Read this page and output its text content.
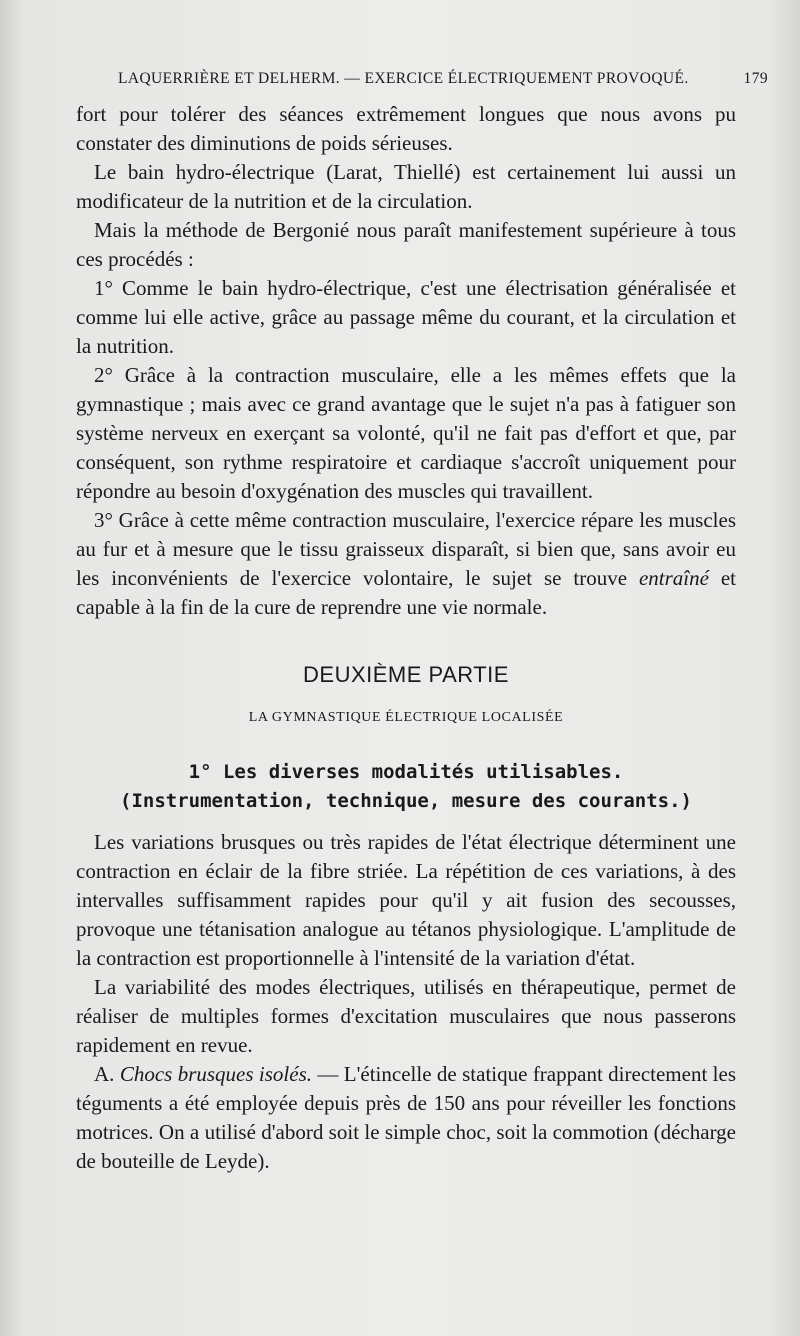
LAQUERRIÈRE ET DELHERM. — EXERCICE ÉLECTRIQUEMENT PROVOQUÉ.	179

fort pour tolérer des séances extrêmement longues que nous avons pu constater des diminutions de poids sérieuses.

Le bain hydro-électrique (Larat, Thiellé) est certainement lui aussi un modificateur de la nutrition et de la circulation.

Mais la méthode de Bergonié nous paraît manifestement supérieure à tous ces procédés :

1° Comme le bain hydro-électrique, c'est une électrisation généralisée et comme lui elle active, grâce au passage même du courant, et la circulation et la nutrition.

2° Grâce à la contraction musculaire, elle a les mêmes effets que la gymnastique ; mais avec ce grand avantage que le sujet n'a pas à fatiguer son système nerveux en exerçant sa volonté, qu'il ne fait pas d'effort et que, par conséquent, son rythme respiratoire et cardiaque s'accroît uniquement pour répondre au besoin d'oxygénation des muscles qui travaillent.

3° Grâce à cette même contraction musculaire, l'exercice répare les muscles au fur et à mesure que le tissu graisseux disparaît, si bien que, sans avoir eu les inconvénients de l'exercice volontaire, le sujet se trouve entraîné et capable à la fin de la cure de reprendre une vie normale.

DEUXIÈME PARTIE
LA GYMNASTIQUE ÉLECTRIQUE LOCALISÉE
1° Les diverses modalités utilisables.
(Instrumentation, technique, mesure des courants.)

Les variations brusques ou très rapides de l'état électrique déterminent une contraction en éclair de la fibre striée. La répétition de ces variations, à des intervalles suffisamment rapides pour qu'il y ait fusion des secousses, provoque une tétanisation analogue au tétanos physiologique. L'amplitude de la contraction est proportionnelle à l'intensité de la variation d'état.

La variabilité des modes électriques, utilisés en thérapeutique, permet de réaliser de multiples formes d'excitation musculaires que nous passerons rapidement en revue.

A. Chocs brusques isolés. — L'étincelle de statique frappant directement les téguments a été employée depuis près de 150 ans pour réveiller les fonctions motrices. On a utilisé d'abord soit le simple choc, soit la commotion (décharge de bouteille de Leyde).
